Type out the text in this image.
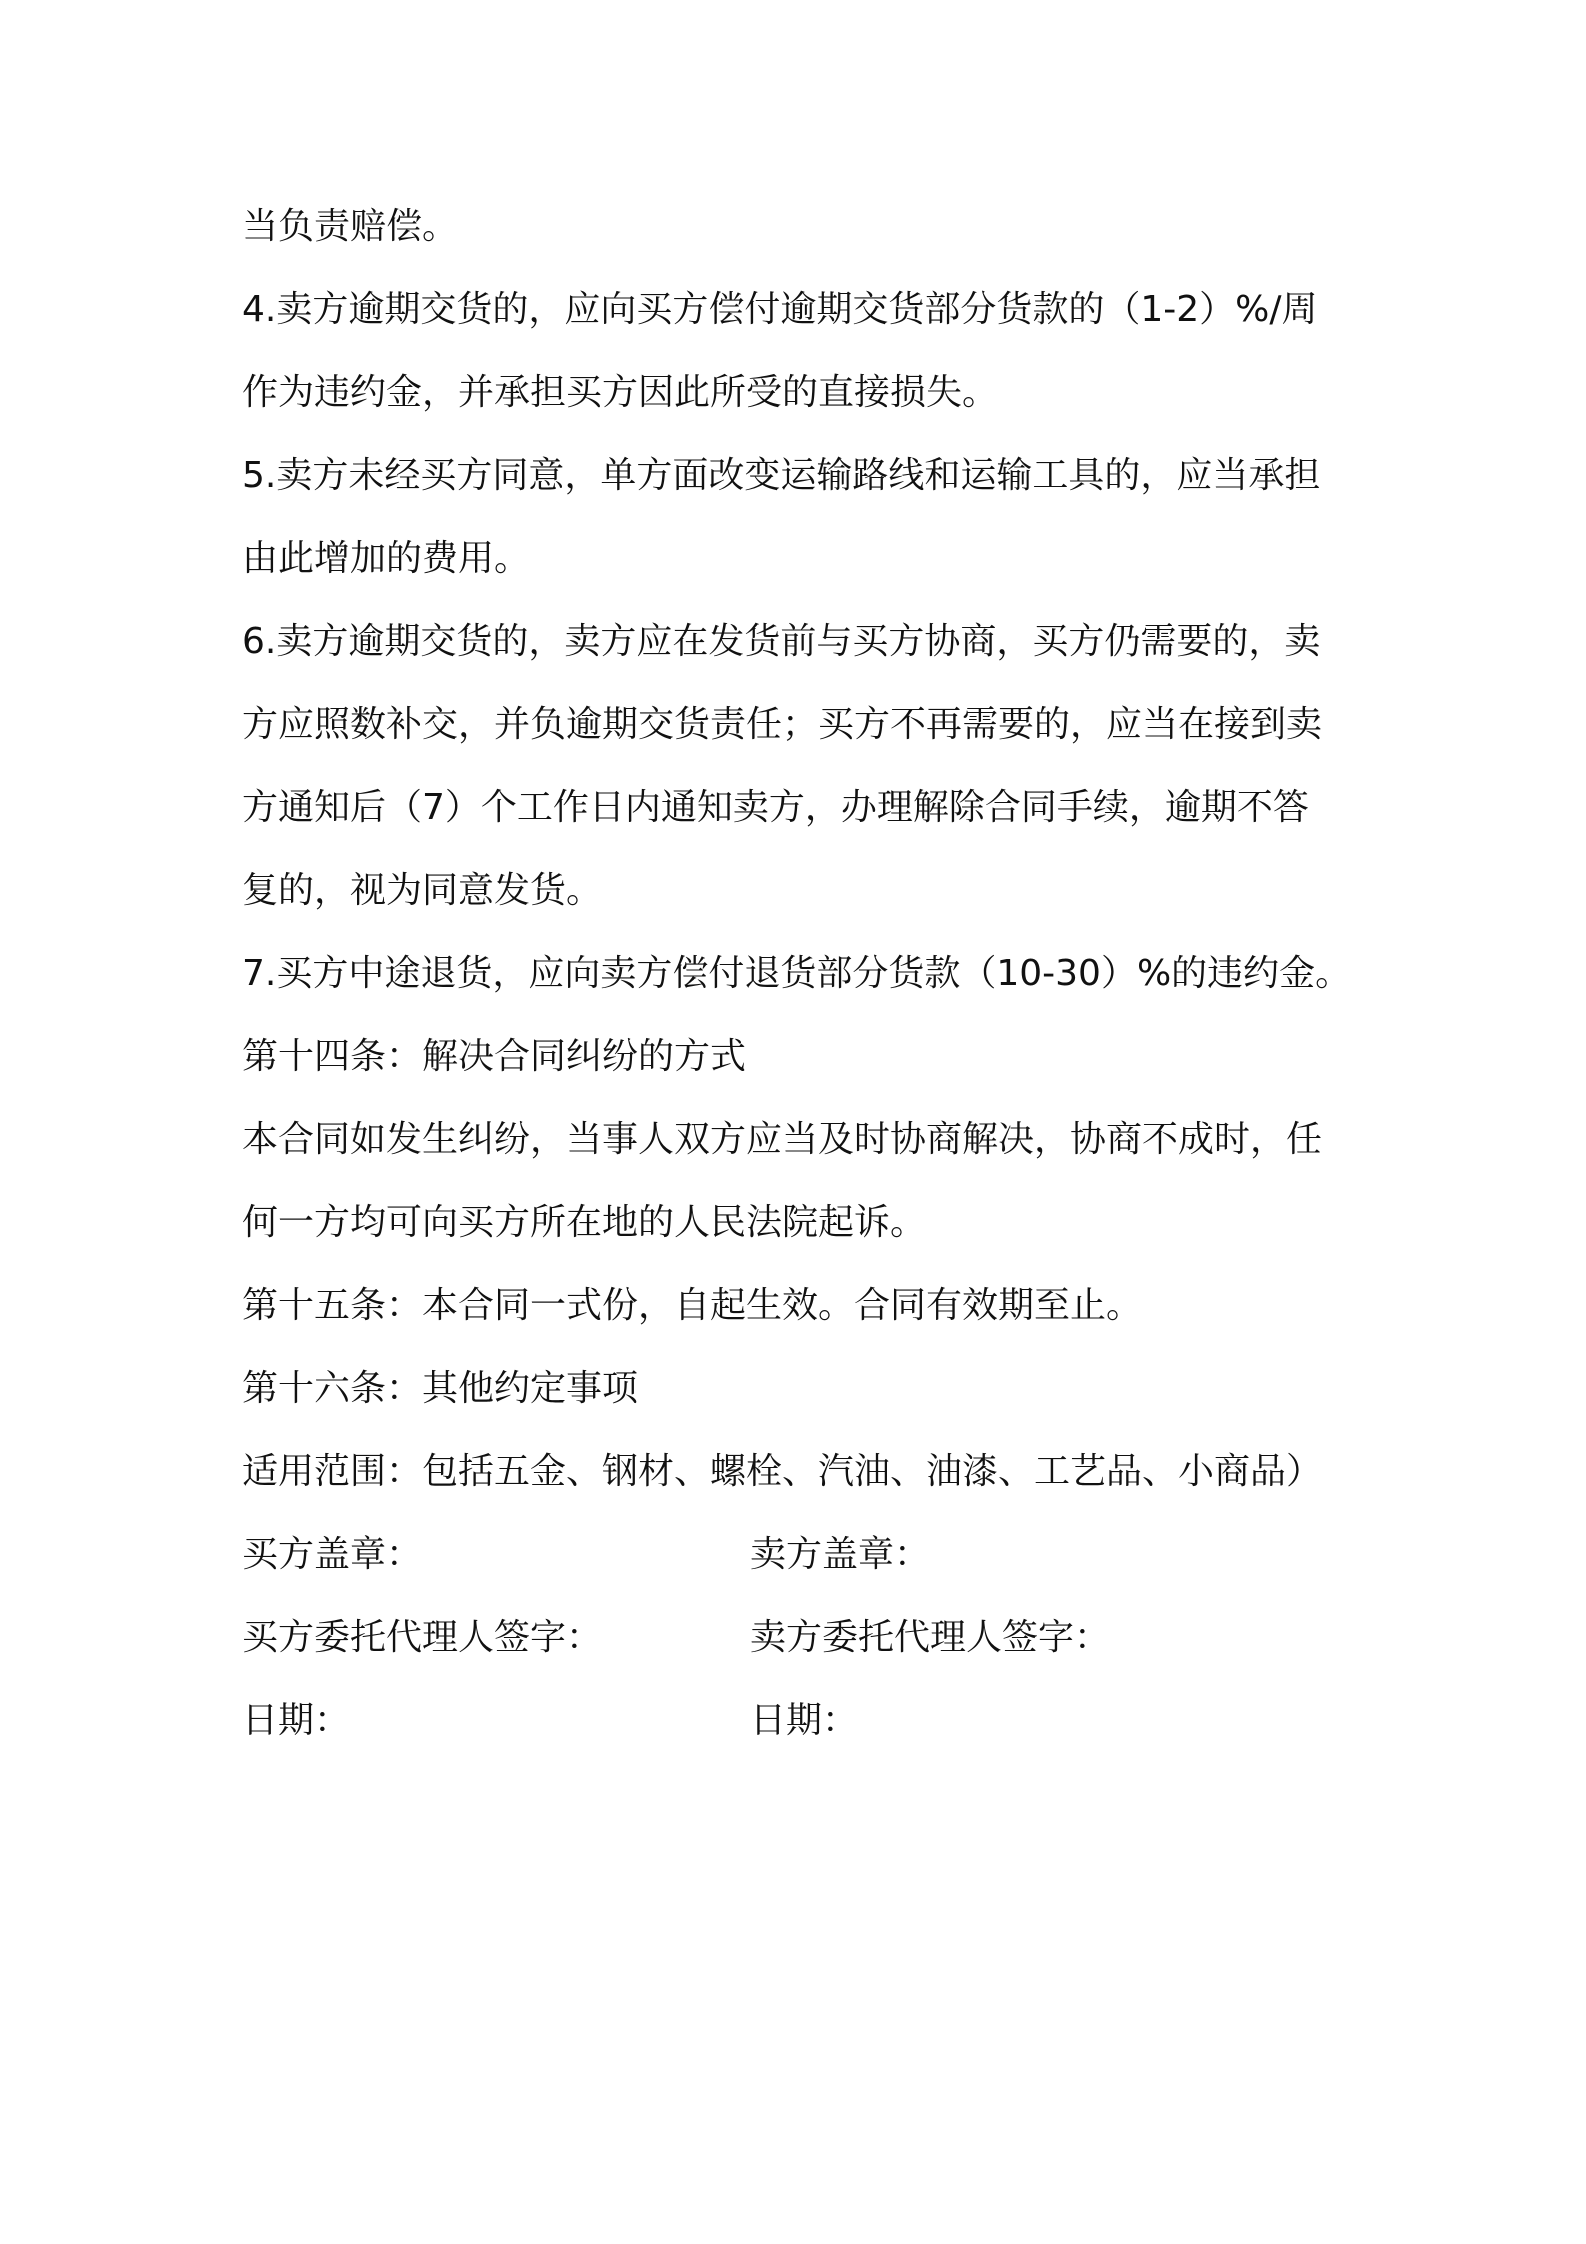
当负责赔偿。
4.卖方逾期交货的，应向买方偿付逾期交货部分货款的（1-2）%/周
作为违约金，并承担买方因此所受的直接损失。
5.卖方未经买方同意，单方面改变运输路线和运输工具的，应当承担
由此增加的费用。
6.卖方逾期交货的，卖方应在发货前与买方协商，买方仍需要的，卖
方应照数补交，并负逾期交货责任；买方不再需要的，应当在接到卖
方通知后（7）个工作日内通知卖方，办理解除合同手续，逾期不答
复的，视为同意发货。
7.买方中途退货，应向卖方偿付退货部分货款（10-30）%的违约金。
第十四条：解决合同纠纷的方式
本合同如发生纠纷，当事人双方应当及时协商解决，协商不成时，任
何一方均可向买方所在地的人民法院起诉。
第十五条：本合同一式份，自起生效。合同有效期至止。
第十六条：其他约定事项
适用范围：包括五金、钢材、螺栓、汽油、油漆、工艺品、小商品）
买方盖章：	卖方盖章：
买方委托代理人签字：	卖方委托代理人签字：
日期：	日期：
